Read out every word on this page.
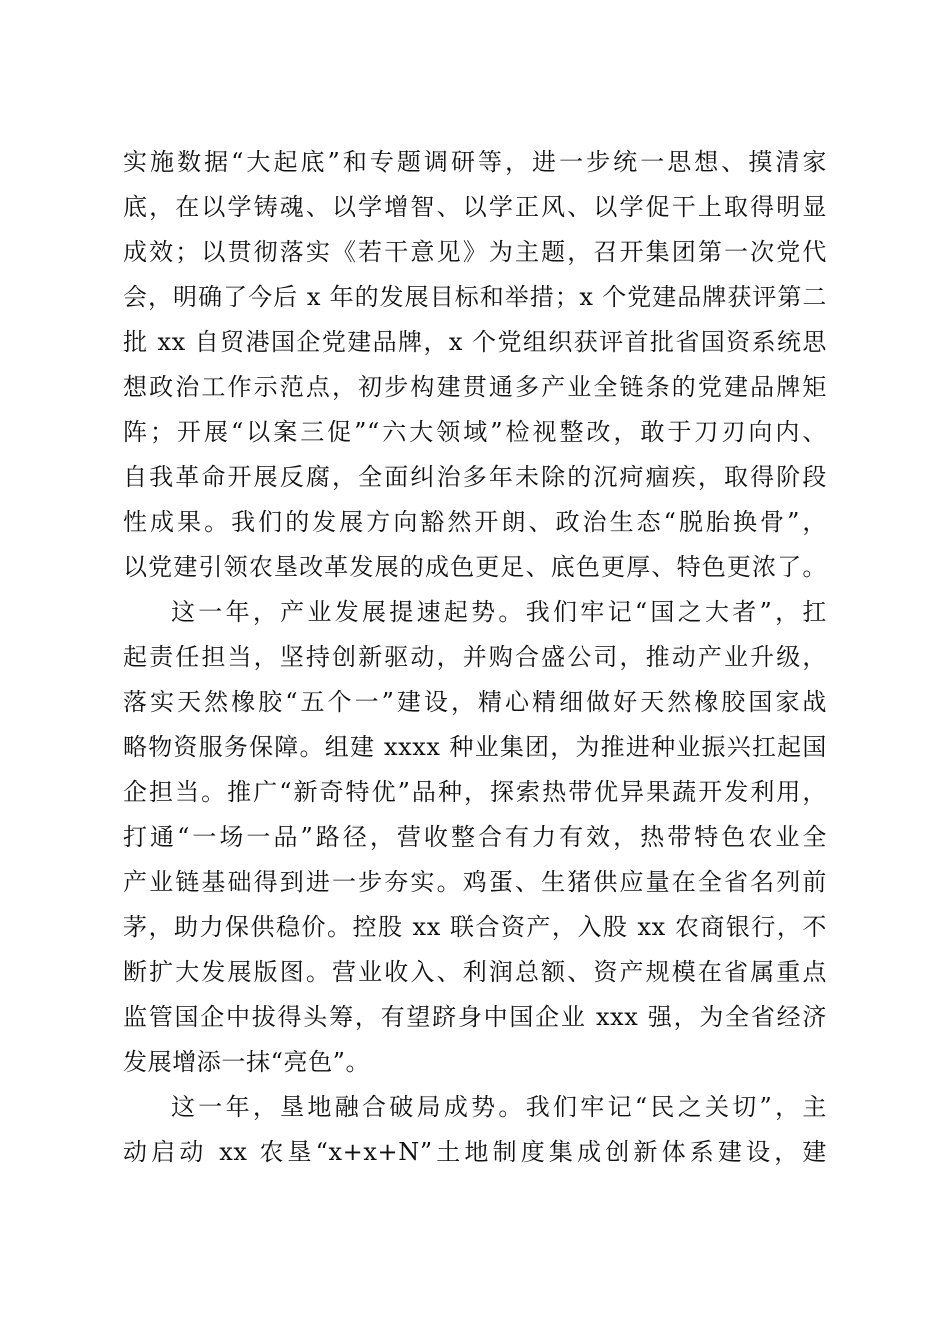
实施数据“大起底”和专题调研等，进一步统一思想、摸清家
底，在以学铸魂、以学增智、以学正风、以学促干上取得明显
成效；以贯彻落实《若干意见》为主题，召开集团第一次党代
会，明确了今后 x 年的发展目标和举措；x 个党建品牌获评第二
批 xx 自贸港国企党建品牌，x 个党组织获评首批省国资系统思
想政治工作示范点，初步构建贯通多产业全链条的党建品牌矩
阵；开展“以案三促”“六大领域”检视整改，敢于刀刃向内、
自我革命开展反腐，全面纠治多年未除的沉疴痼疾，取得阶段
性成果。我们的发展方向豁然开朗、政治生态“脱胎换骨”，
以党建引领农垦改革发展的成色更足、底色更厚、特色更浓了。
这一年，产业发展提速起势。我们牢记“国之大者”，扛
起责任担当，坚持创新驱动，并购合盛公司，推动产业升级，
落实天然橡胶“五个一”建设，精心精细做好天然橡胶国家战
略物资服务保障。组建 xxxx 种业集团，为推进种业振兴扛起国
企担当。推广“新奇特优”品种，探索热带优异果蔬开发利用，
打通“一场一品”路径，营收整合有力有效，热带特色农业全
产业链基础得到进一步夯实。鸡蛋、生猪供应量在全省名列前
茅，助力保供稳价。控股 xx 联合资产，入股 xx 农商银行，不
断扩大发展版图。营业收入、利润总额、资产规模在省属重点
监管国企中拔得头筹，有望跻身中国企业 xxx 强，为全省经济
发展增添一抹“亮色”。
这一年，垦地融合破局成势。我们牢记“民之关切”，主
动启动 xx 农垦“x+x+N”土地制度集成创新体系建设，建
